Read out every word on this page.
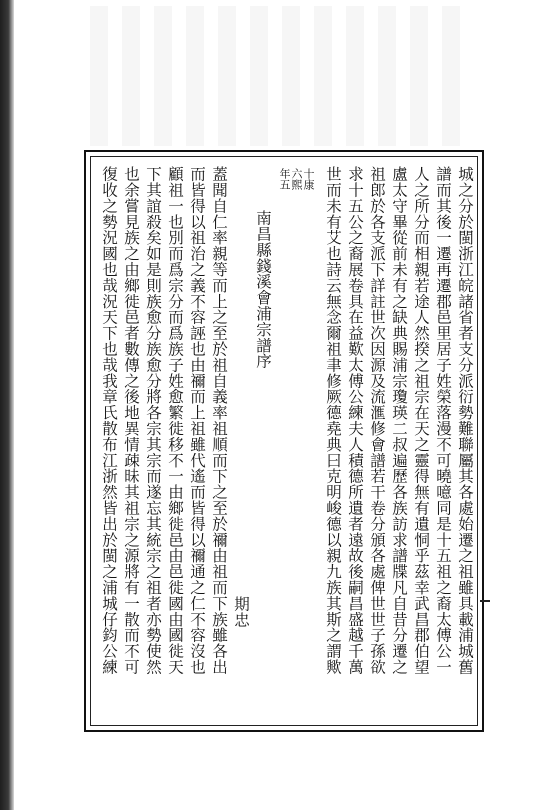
復收之勢況國也哉況天下也哉我章氏散布江浙然皆出於閩之浦城仔鈞公練 也余嘗見族之由鄉徙邑者數傳之後地異情疎昧其祖宗之源將有一散而不可 下其誼殺矣如是則族愈分族愈分將各宗其宗而遂忘其統宗之祖者亦勢使然 顧祖一也別而爲宗分而爲族子姓愈繁徙移不一由鄉徙邑由邑徙國由國徙天 而皆得以祖治之義不容誣也由禰而上祖雖代遙而皆得以禰通之仁不容沒也 蓋聞自仁率親等而上之至於祖自義率祖順而下之至於禰由祖而下族雖各出 期忠
南昌縣錢溪會浦宗譜序
年五 六熙 十康 世而未有艾也詩云無念爾祖聿修厥德堯典曰克明峻德以親九族其斯之謂歟 求十五公之裔展卷具在益歎太傅公練夫人積德所遺者遠故後嗣昌盛越千萬 祖郎於各支派下詳註世次因源及流滙修會譜若干卷分頒各處俾世世子孫欲 盧太守畢從前未有之缺典賜浦宗瓊瑛二叔遍歷各族訪求譜牒凡自昔分遷之 人之所分而相親若途人然揆之祖宗在天之靈得無有遺恫乎茲幸武昌郡伯望 譜而其後一遷再遷郡邑里居子姓榮落漫不可曉噫同是十五祖之裔太傅公一 城之分於閩浙江皖諸省者支分派衍勢難聯屬其各處始遷之祖雖具載浦城舊
